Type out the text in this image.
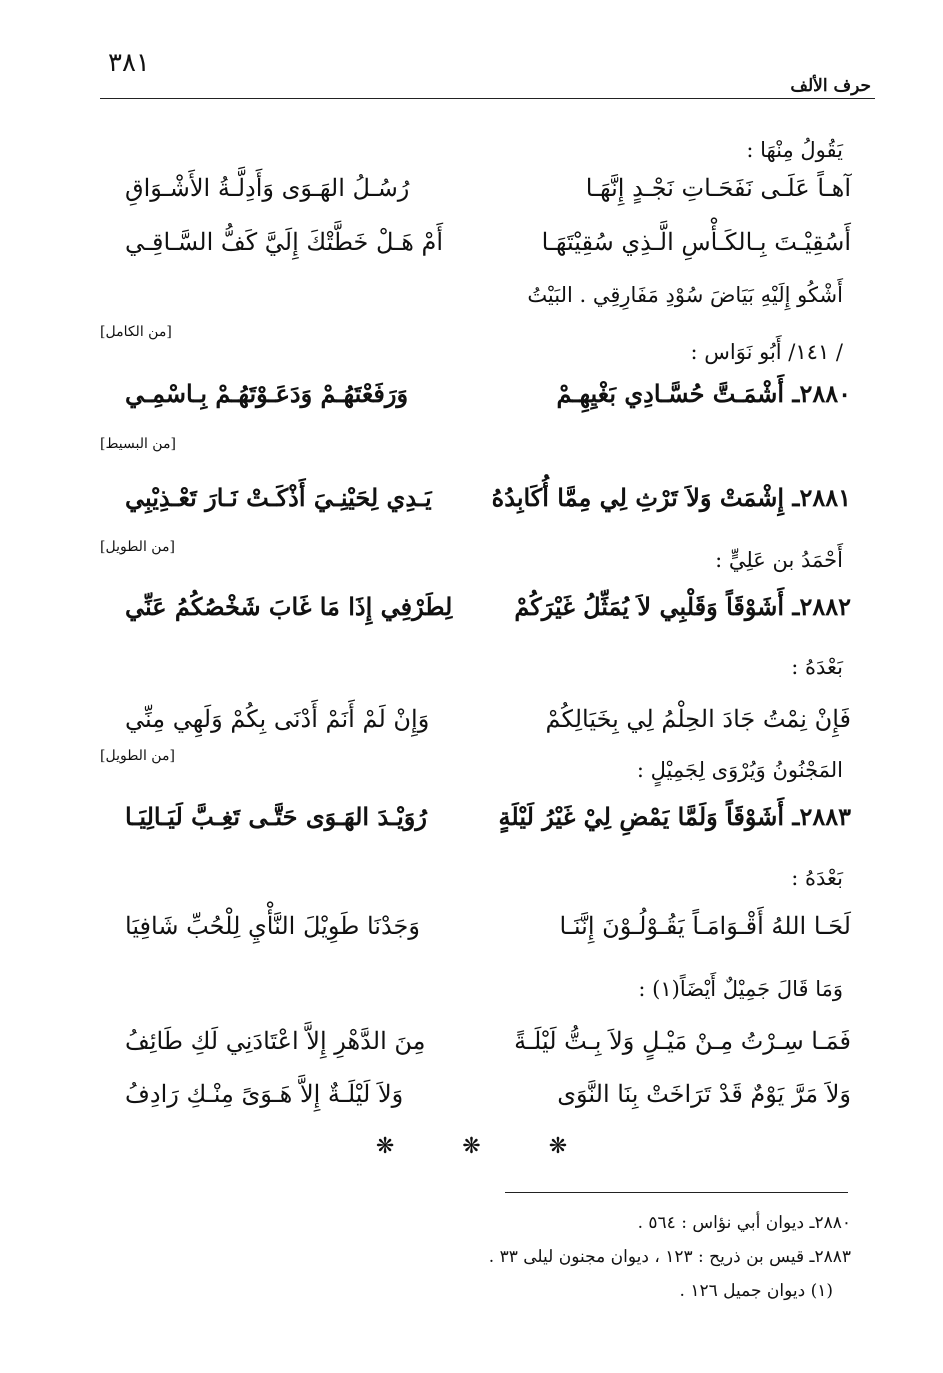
٣٨١
حرف الألف
يَقُولُ مِنْهَا :
آهـاً عَلَـى نَفَحَـاتِ نَجْـدٍ إِنَّهَـا
رُسُـلُ الهَـوَى وَأَدِلَّـةُ الأَشْـوَاقِ
أَسُقِيْـتَ بِـالكَـأْسِ الَّـذِي سُقِيْتَهَـا
أَمْ هَـلْ خَطَّتْكَ إِلَيَّ كَفُّ السَّـاقِـي
أَشْكُو إِلَيْهِ بَيَاضَ سُوْدِ مَفَارِقِي . البَيْتُ
[من الكامل]
/ ١٤١/ أَبُو نَوَاس :
٢٨٨٠ـ أَشْمَـتَّ حُسَّـادِي بَغْيِهِـمْ
وَرَفَعْتَهُـمْ وَدَعَـوْتَهُـمْ بِـاسْمِـي
[من البسيط]
٢٨٨١ـ إِشْمَتْ وَلاَ تَرْثِ لِي مِمَّا أُكَابِدُهُ
يَـدِي لِحَيْنِـيَ أَذْكَـتْ نَـارَ تَعْـذِيْبِي
[من الطويل]
أَحْمَدُ بن عَلِيٍّ :
٢٨٨٢ـ أَشَوْقَاً وَقَلْبِي لاَ يُمَثِّلُ غَيْرَكُمْ
لِطَرْفِي إِذَا مَا غَابَ شَخْصُكُمُ عَنِّي
بَعْدَهُ :
فَإِنْ نِمْتُ جَادَ الحِلْمُ لِي بِخَيَالِكُمْ
وَإِنْ لَمْ أَنَمْ أَدْنَى بِكُمْ وَلَهِي مِنِّي
[من الطويل]
المَجْنُونُ وَيُرْوَى لِجَمِيْلٍ :
٢٨٨٣ـ أَشَوْقَاً وَلَمَّا يَمْضِ لِيْ غَيْرُ لَيْلَةٍ
رُوَيْـدَ الهَـوَى حَتَّـى تَغِـبَّ لَيَـالِيَـا
بَعْدَهُ :
لَحَـا اللهُ أَقْـوَامَـاً يَقُـوْلُـوْنَ إِنَّنَـا
وَجَدْنَا طَوِيْلَ النَّأْيِ لِلْحُبِّ شَافِيَا
وَمَا قَالَ جَمِيْلٌ أَيْضَاً(١) :
فَمَـا سِـرْتُ مِـنْ مَيْـلٍ وَلاَ بِـتُّ لَيْلَـةً
مِنَ الدَّهْرِ إِلاَّ اعْتَادَنِي لَكِ طَائِفُ
وَلاَ مَرَّ يَوْمٌ قَدْ تَرَاخَتْ بِنَا النَّوَى
وَلاَ لَيْلَـةٌ إِلاَّ هَـوَىً مِنْـكِ رَادِفُ
❋ ❋ ❋
٢٨٨٠ـ ديوان أبي نؤاس : ٥٦٤ .
٢٨٨٣ـ قيس بن ذريح : ١٢٣ ، ديوان مجنون ليلى ٣٣ .
(١) ديوان جميل ١٢٦ .
